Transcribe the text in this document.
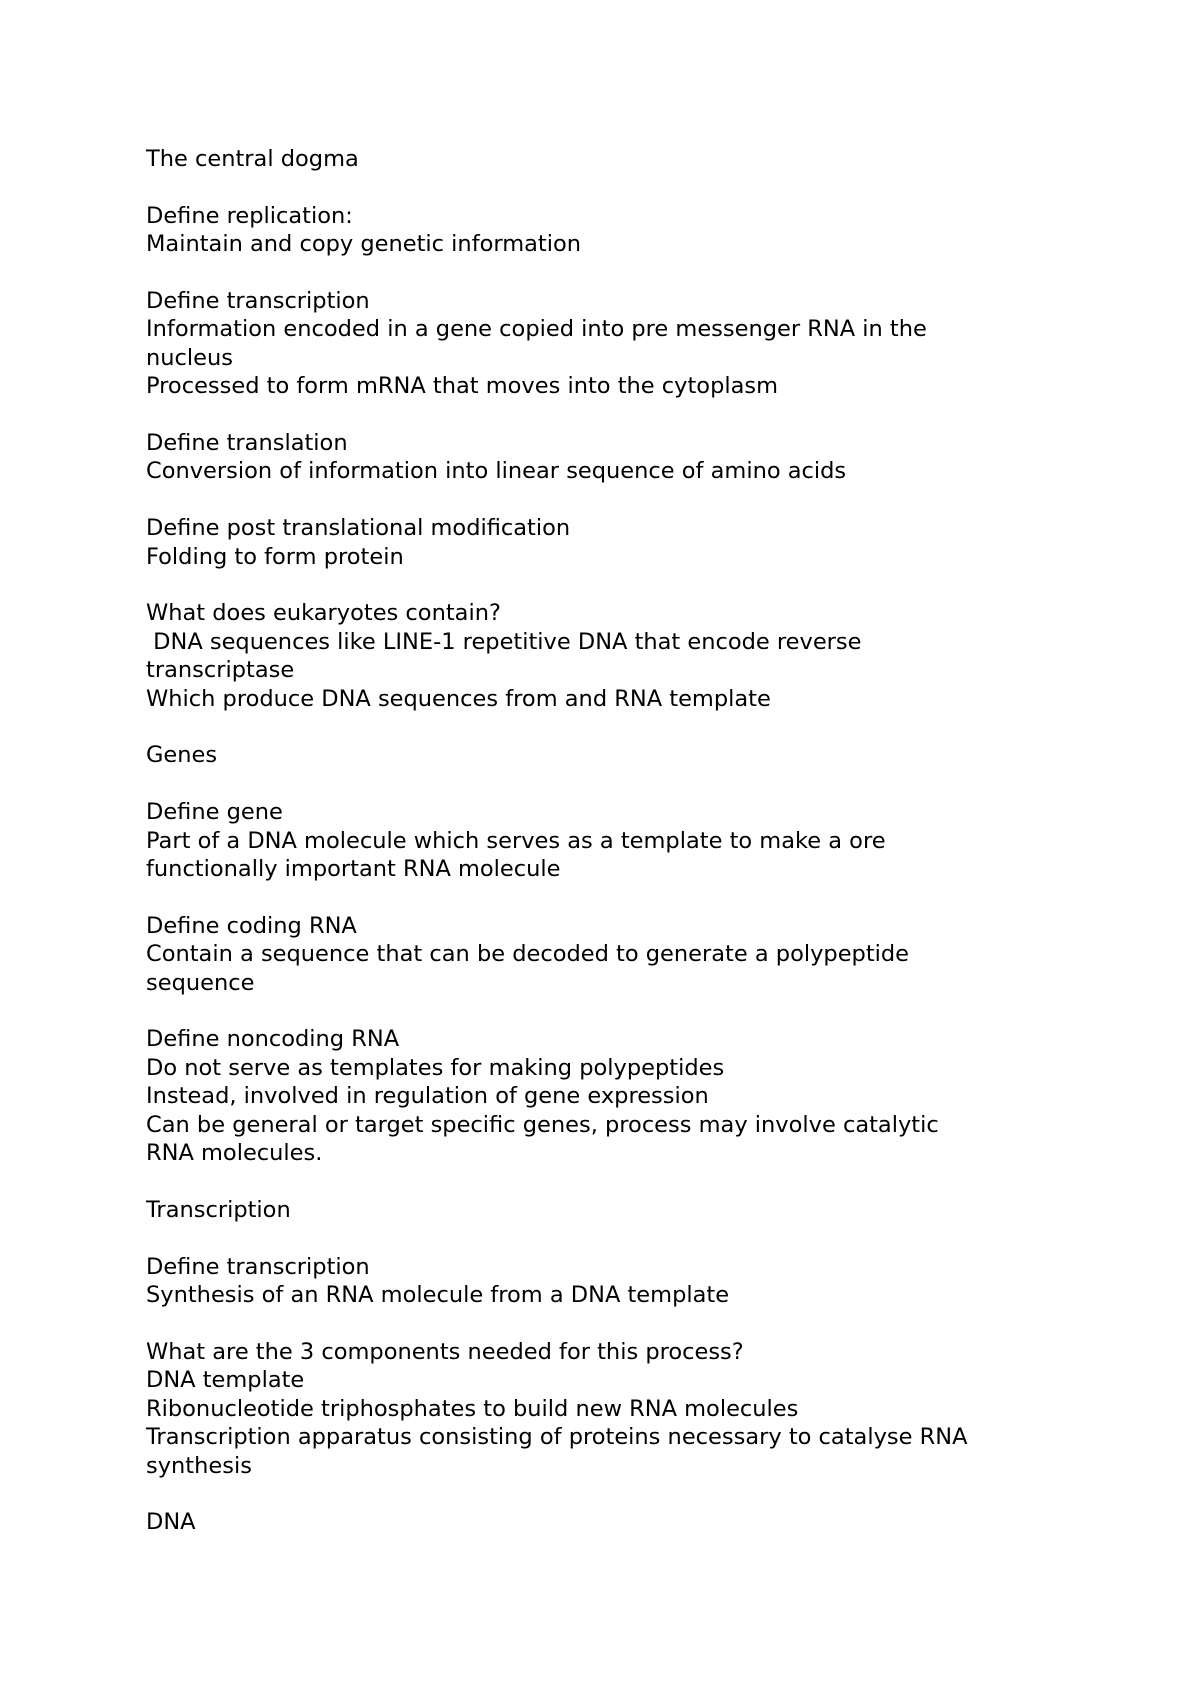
The central dogma
Define replication:
Maintain and copy genetic information
Define transcription
Information encoded in a gene copied into pre messenger RNA in the
nucleus
Processed to form mRNA that moves into the cytoplasm
Define translation
Conversion of information into linear sequence of amino acids
Define post translational modification
Folding to form protein
What does eukaryotes contain?
DNA sequences like LINE-1 repetitive DNA that encode reverse
transcriptase
Which produce DNA sequences from and RNA template
Genes
Define gene
Part of a DNA molecule which serves as a template to make a ore
functionally important RNA molecule
Define coding RNA
Contain a sequence that can be decoded to generate a polypeptide
sequence
Define noncoding RNA
Do not serve as templates for making polypeptides
Instead, involved in regulation of gene expression
Can be general or target specific genes, process may involve catalytic
RNA molecules.
Transcription
Define transcription
Synthesis of an RNA molecule from a DNA template
What are the 3 components needed for this process?
DNA template
Ribonucleotide triphosphates to build new RNA molecules
Transcription apparatus consisting of proteins necessary to catalyse RNA
synthesis
DNA
